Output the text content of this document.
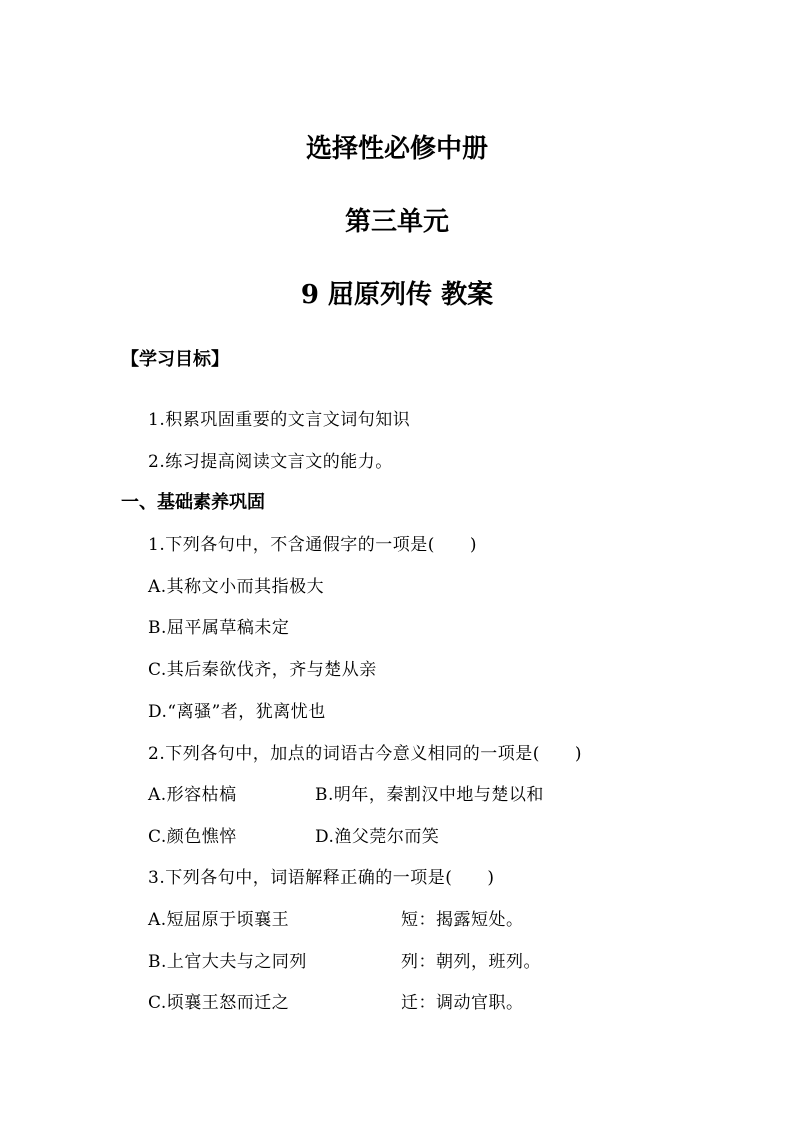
选择性必修中册
第三单元
9 屈原列传 教案
【学习目标】
1.积累巩固重要的文言文词句知识
2.练习提高阅读文言文的能力。
一、基础素养巩固
1.下列各句中，不含通假字的一项是(　　)
A.其称文小而其指极大
B.屈平属草稿未定
C.其后秦欲伐齐，齐与楚从亲
D.“离骚”者，犹离忧也
2.下列各句中，加点的词语古今意义相同的一项是(　　)
A.形容枯槁	B.明年，秦割汉中地与楚以和
C.颜色憔悴	D.渔父莞尔而笑
3.下列各句中，词语解释正确的一项是(　　)
A.短屈原于顷襄王	短：揭露短处。
B.上官大夫与之同列	列：朝列，班列。
C.顷襄王怒而迁之	迁：调动官职。
